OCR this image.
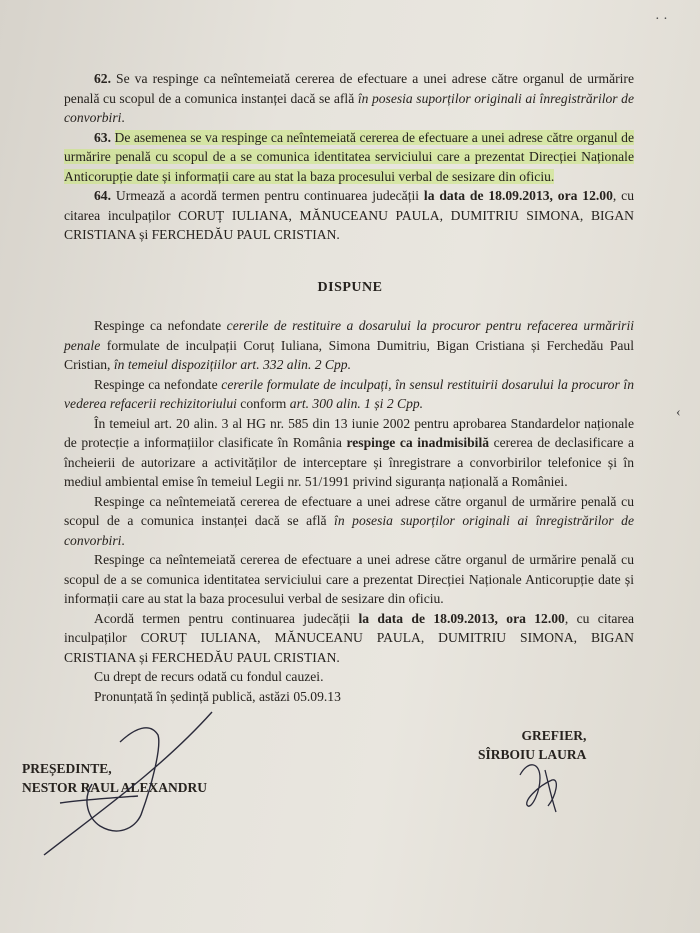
· ·
‹

62. Se va respinge ca neîntemeiată cererea de efectuare a unei adrese către organul de urmărire penală cu scopul de a comunica instanței dacă se află în posesia suporților originali ai înregistrărilor de convorbiri.

63. De asemenea se va respinge ca neîntemeiată cererea de efectuare a unei adrese către organul de urmărire penală cu scopul de a se comunica identitatea serviciului care a prezentat Direcției Naționale Anticorupție date și informații care au stat la baza procesului verbal de sesizare din oficiu.

64. Urmează a acordă termen pentru continuarea judecății la data de 18.09.2013, ora 12.00, cu citarea inculpaților CORUȚ IULIANA, MĂNUCEANU PAULA, DUMITRIU SIMONA, BIGAN CRISTIANA și FERCHEDĂU PAUL CRISTIAN.

DISPUNE

Respinge ca nefondate cererile de restituire a dosarului la procuror pentru refacerea urmăririi penale formulate de inculpații Coruț Iuliana, Simona Dumitriu, Bigan Cristiana și Ferchedău Paul Cristian, în temeiul dispozițiilor art. 332 alin. 2 Cpp.

Respinge ca nefondate cererile formulate de inculpați, în sensul restituirii dosarului la procuror în vederea refacerii rechizitoriului conform art. 300 alin. 1 și 2 Cpp.

În temeiul art. 20 alin. 3 al HG nr. 585 din 13 iunie 2002 pentru aprobarea Standardelor naționale de protecție a informațiilor clasificate în România respinge ca inadmisibilă cererea de declasificare a încheierii de autorizare a activităților de interceptare și înregistrare a convorbirilor telefonice și în mediul ambiental emise în temeiul Legii nr. 51/1991 privind siguranța națională a României.

Respinge ca neîntemeiată cererea de efectuare a unei adrese către organul de urmărire penală cu scopul de a comunica instanței dacă se află în posesia suporților originali ai înregistrărilor de convorbiri.

Respinge ca neîntemeiată cererea de efectuare a unei adrese către organul de urmărire penală cu scopul de a se comunica identitatea serviciului care a prezentat Direcției Naționale Anticorupție date și informații care au stat la baza procesului verbal de sesizare din oficiu.

Acordă termen pentru continuarea judecății la data de 18.09.2013, ora 12.00, cu citarea inculpaților CORUȚ IULIANA, MĂNUCEANU PAULA, DUMITRIU SIMONA, BIGAN CRISTIANA și FERCHEDĂU PAUL CRISTIAN.

Cu drept de recurs odată cu fondul cauzei.

Pronunțată în ședință publică, astăzi 05.09.13

PREȘEDINTE,
NESTOR RAUL ALEXANDRU
GREFIER,
SÎRBOIU LAURA
